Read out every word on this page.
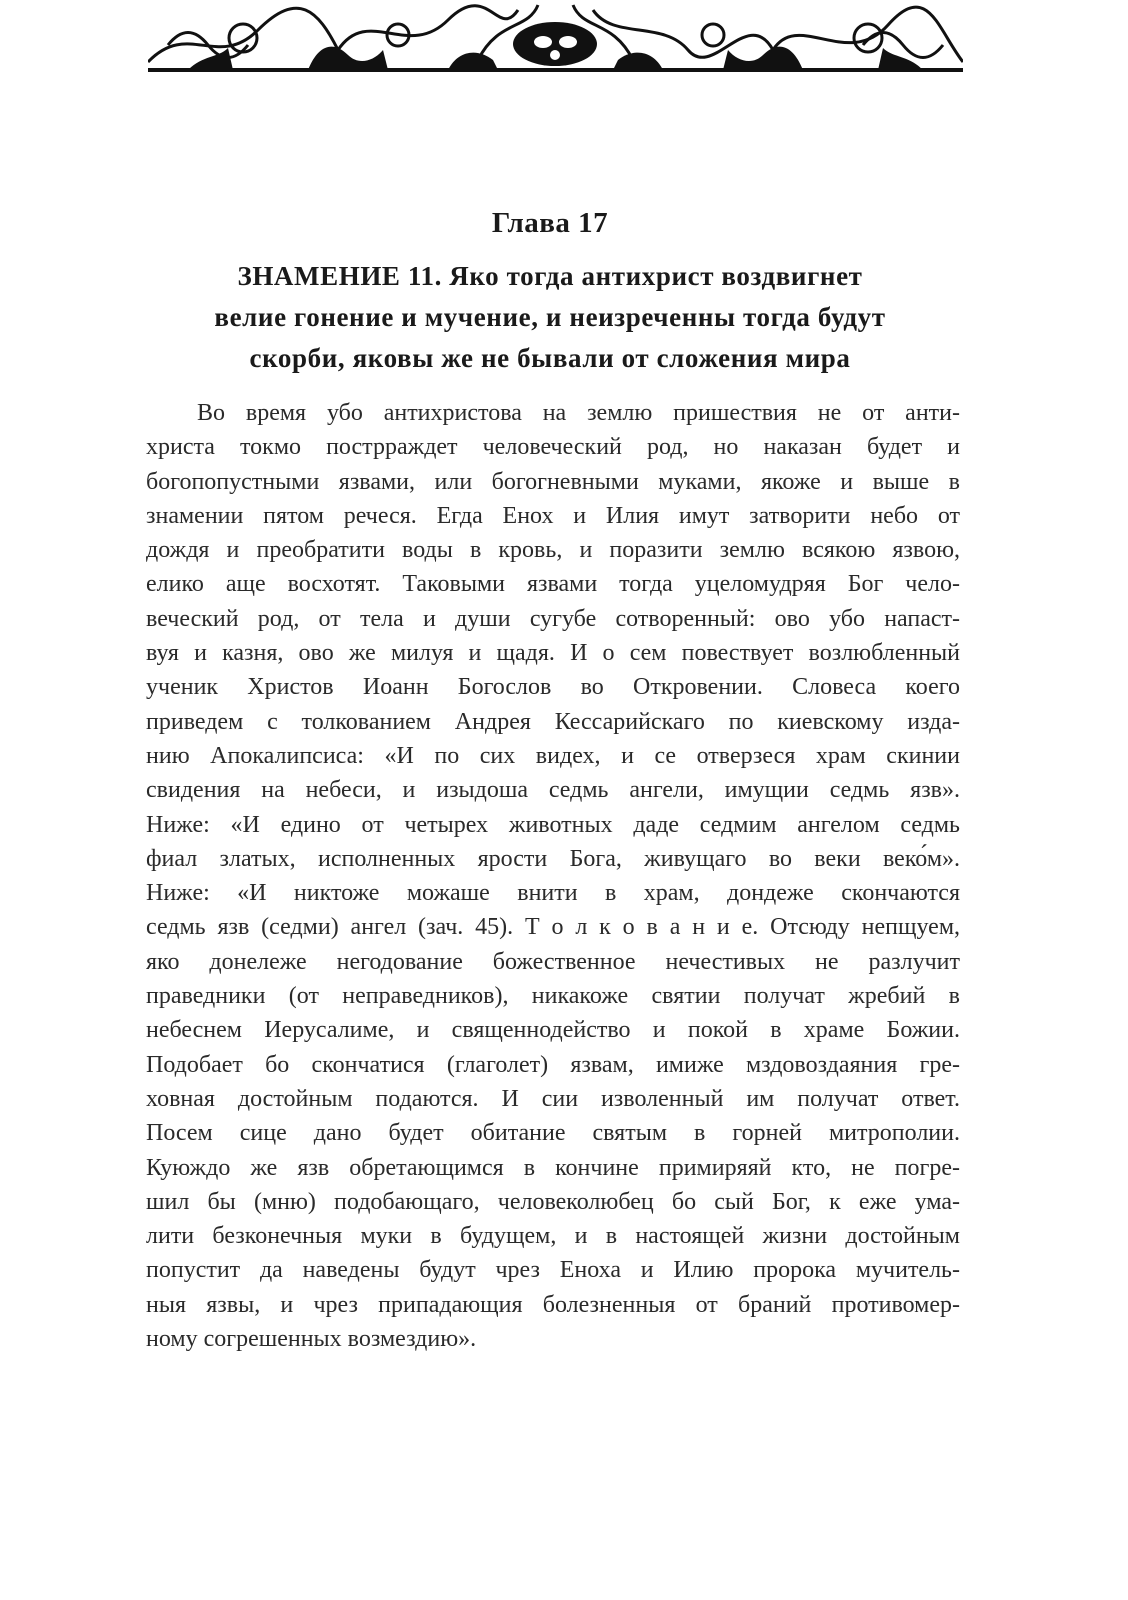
Глава 17
ЗНАМЕНИЕ 11. Яко тогда антихрист воздвигнет
велие гонение и мучение, и неизреченны тогда будут
скорби, яковы же не бывали от сложения мира
Во время убо антихристова на землю пришествия не от анти-
христа токмо пострраждет человеческий род, но наказан будет и
богопопустными язвами, или богогневными муками, якоже и выше в
знамении пятом речеся. Егда Енох и Илия имут затворити небо от
дождя и преобратити воды в кровь, и поразити землю всякою язвою,
елико аще восхотят. Таковыми язвами тогда уцеломудряя Бог чело-
веческий род, от тела и души сугубе сотворенный: ово убо напаст-
вуя и казня, ово же милуя и щадя. И о сем повествует возлюбленный
ученик Христов Иоанн Богослов во Откровении. Словеса коего
приведем с толкованием Андрея Кессарийскаго по киевскому изда-
нию Апокалипсиса: «И по сих видех, и се отверзеся храм скинии
свидения на небеси, и изыдоша седмь ангели, имущии седмь язв».
Ниже: «И едино от четырех животных даде седмим ангелом седмь
фиал златых, исполненных ярости Бога, живущаго во веки веко́м».
Ниже: «И никтоже можаше внити в храм, дондеже скончаются
седмь язв (седми) ангел (зач. 45). Т о л к о в а н и е. Отсюду непщуем,
яко донележе негодование божественное нечестивых не разлучит
праведники (от неправедников), никакоже святии получат жребий в
небеснем Иерусалиме, и священнодейство и покой в храме Божии.
Подобает бо скончатися (глаголет) язвам, имиже мздовоздаяния гре-
ховная достойным подаются. И сии изволенный им получат ответ.
Посем сице дано будет обитание святым в горней митрополии.
Куюждо же язв обретающимся в кончине примиряяй кто, не погре-
шил бы (мню) подобающаго, человеколюбец бо сый Бог, к еже ума-
лити безконечныя муки в будущем, и в настоящей жизни достойным
попустит да наведены будут чрез Еноха и Илию пророка мучитель-
ныя язвы, и чрез припадающия болезненныя от браний противомер-
ному согрешенных возмездию».
